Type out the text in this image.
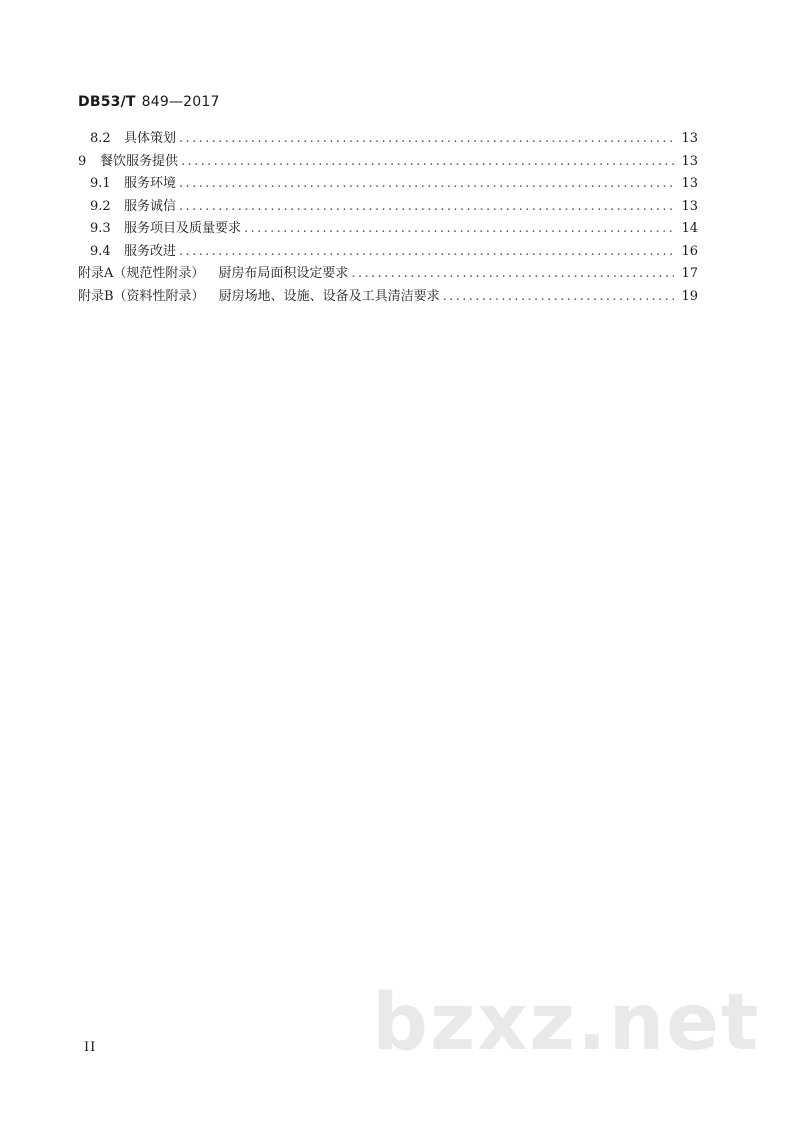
DB53/T 849—2017
8.2	具体策划 .....	13
9	餐饮服务提供 .....	13
9.1	服务环境 .....	13
9.2	服务诚信 .....	13
9.3	服务项目及质量要求 .....	14
9.4	服务改进 .....	16
附录A（规范性附录） 厨房布局面积设定要求 .....	17
附录B（资料性附录） 厨房场地、设施、设备及工具清洁要求 .....	19
bzxz.net
II
